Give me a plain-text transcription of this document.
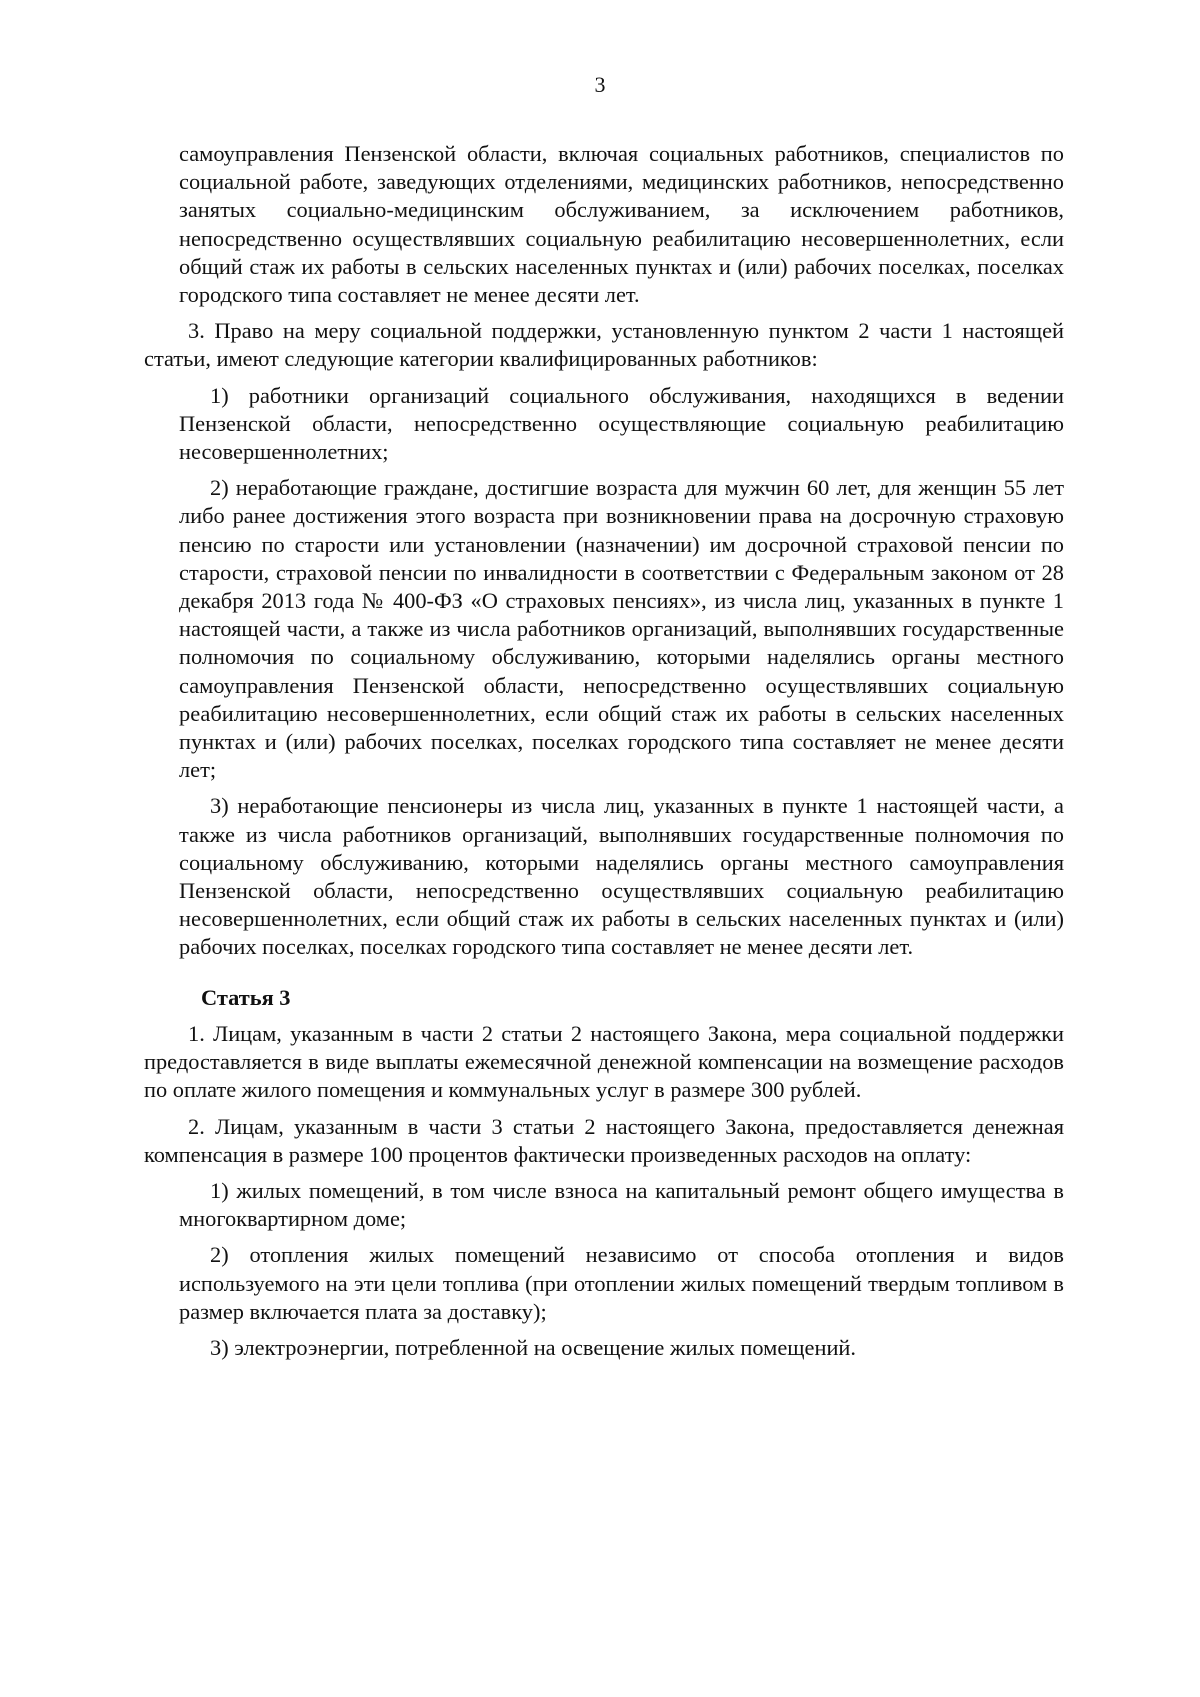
3

самоуправления Пензенской области, включая социальных работников, специалистов по социальной работе, заведующих отделениями, медицинских работников, непосредственно занятых социально-медицинским обслуживанием, за исключением работников, непосредственно осуществлявших социальную реабилитацию несовершеннолетних, если общий стаж их работы в сельских населенных пунктах и (или) рабочих поселках, поселках городского типа составляет не менее десяти лет.

3. Право на меру социальной поддержки, установленную пунктом 2 части 1 настоящей статьи, имеют следующие категории квалифицированных работников:

1) работники организаций социального обслуживания, находящихся в ведении Пензенской области, непосредственно осуществляющие социальную реабилитацию несовершеннолетних;

2) неработающие граждане, достигшие возраста для мужчин 60 лет, для женщин 55 лет либо ранее достижения этого возраста при возникновении права на досрочную страховую пенсию по старости или установлении (назначении) им досрочной страховой пенсии по старости, страховой пенсии по инвалидности в соответствии с Федеральным законом от 28 декабря 2013 года № 400-ФЗ «О страховых пенсиях», из числа лиц, указанных в пункте 1 настоящей части, а также из числа работников организаций, выполнявших государственные полномочия по социальному обслуживанию, которыми наделялись органы местного самоуправления Пензенской области, непосредственно осуществлявших социальную реабилитацию несовершеннолетних, если общий стаж их работы в сельских населенных пунктах и (или) рабочих поселках, поселках городского типа составляет не менее десяти лет;

3) неработающие пенсионеры из числа лиц, указанных в пункте 1 настоящей части, а также из числа работников организаций, выполнявших государственные полномочия по социальному обслуживанию, которыми наделялись органы местного самоуправления Пензенской области, непосредственно осуществлявших социальную реабилитацию несовершеннолетних, если общий стаж их работы в сельских населенных пунктах и (или) рабочих поселках, поселках городского типа составляет не менее десяти лет.

Статья 3

1. Лицам, указанным в части 2 статьи 2 настоящего Закона, мера социальной поддержки предоставляется в виде выплаты ежемесячной денежной компенсации на возмещение расходов по оплате жилого помещения и коммунальных услуг в размере 300 рублей.

2. Лицам, указанным в части 3 статьи 2 настоящего Закона, предоставляется денежная компенсация в размере 100 процентов фактически произведенных расходов на оплату:

1) жилых помещений, в том числе взноса на капитальный ремонт общего имущества в многоквартирном доме;

2) отопления жилых помещений независимо от способа отопления и видов используемого на эти цели топлива (при отоплении жилых помещений твердым топливом в размер включается плата за доставку);

3) электроэнергии, потребленной на освещение жилых помещений.
